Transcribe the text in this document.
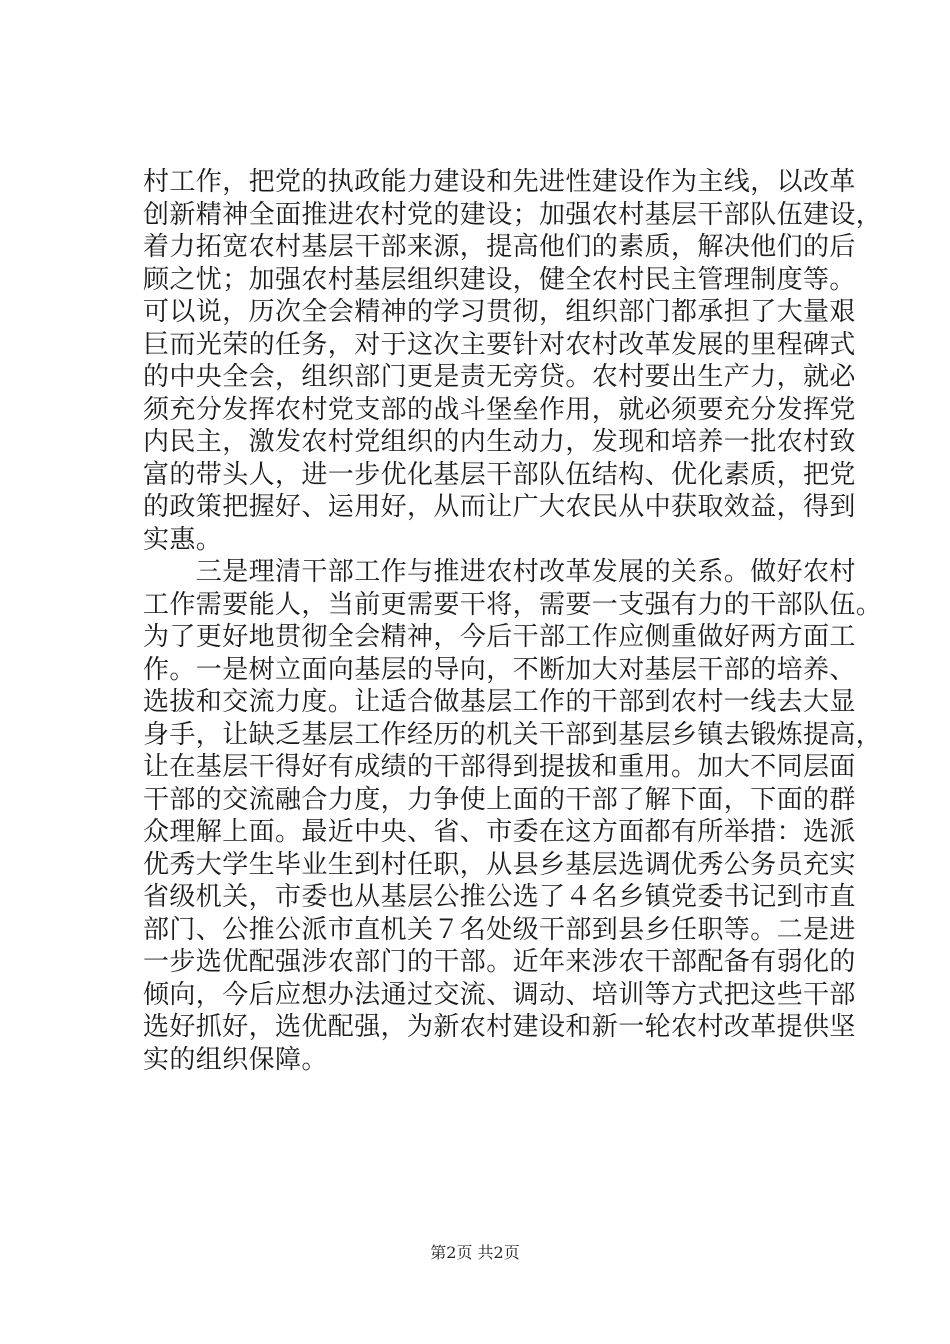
村工作，把党的执政能力建设和先进性建设作为主线，以改革
创新精神全面推进农村党的建设；加强农村基层干部队伍建设，
着力拓宽农村基层干部来源，提高他们的素质，解决他们的后
顾之忧；加强农村基层组织建设，健全农村民主管理制度等。
可以说，历次全会精神的学习贯彻，组织部门都承担了大量艰
巨而光荣的任务，对于这次主要针对农村改革发展的里程碑式
的中央全会，组织部门更是责无旁贷。农村要出生产力，就必
须充分发挥农村党支部的战斗堡垒作用，就必须要充分发挥党
内民主，激发农村党组织的内生动力，发现和培养一批农村致
富的带头人，进一步优化基层干部队伍结构、优化素质，把党
的政策把握好、运用好，从而让广大农民从中获取效益，得到
实惠。
　　三是理清干部工作与推进农村改革发展的关系。做好农村
工作需要能人，当前更需要干将，需要一支强有力的干部队伍。
为了更好地贯彻全会精神，今后干部工作应侧重做好两方面工
作。一是树立面向基层的导向，不断加大对基层干部的培养、
选拔和交流力度。让适合做基层工作的干部到农村一线去大显
身手，让缺乏基层工作经历的机关干部到基层乡镇去锻炼提高，
让在基层干得好有成绩的干部得到提拔和重用。加大不同层面
干部的交流融合力度，力争使上面的干部了解下面，下面的群
众理解上面。最近中央、省、市委在这方面都有所举措：选派
优秀大学生毕业生到村任职，从县乡基层选调优秀公务员充实
省级机关，市委也从基层公推公选了４名乡镇党委书记到市直
部门、公推公派市直机关７名处级干部到县乡任职等。二是进
一步选优配强涉农部门的干部。近年来涉农干部配备有弱化的
倾向，今后应想办法通过交流、调动、培训等方式把这些干部
选好抓好，选优配强，为新农村建设和新一轮农村改革提供坚
实的组织保障。
第2页 共2页
